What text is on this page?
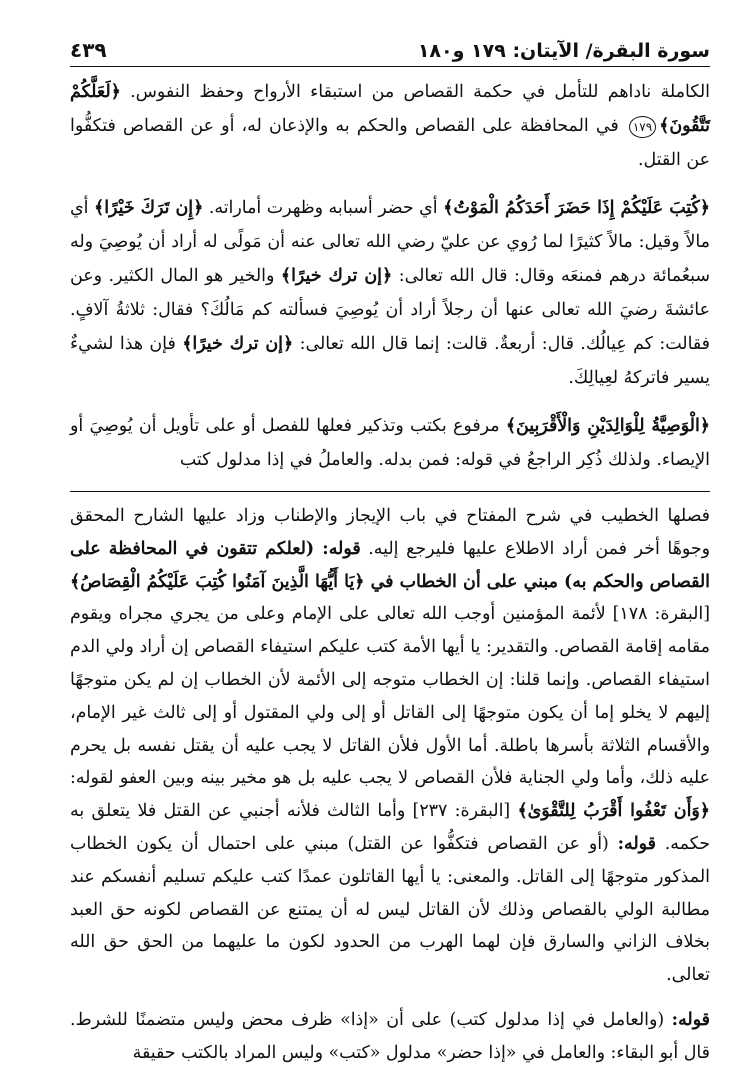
سورة البقرة/ الآيتان: ١٧٩ و١٨٠
٤٣٩

الكاملة ناداهم للتأمل في حكمة القصاص من استبقاء الأرواح وحفظ النفوس. ﴿لَعَلَّكُمْ تَتَّقُونَ﴾١٧٩ في المحافظة على القصاص والحكم به والإذعان له، أو عن القصاص فتكفُّوا عن القتل.

﴿كُتِبَ عَلَيْكُمْ إِذَا حَضَرَ أَحَدَكُمُ الْمَوْتُ﴾ أي حضر أسبابه وظهرت أماراته. ﴿إِن تَرَكَ خَيْرًا﴾ أي مالاً وقيل: مالاً كثيرًا لما رُوي عن عليّ رضي الله تعالى عنه أن مَولًى له أراد أن يُوصِيَ وله سبعُمائة درهم فمنعَه وقال: قال الله تعالى: ﴿إن ترك خيرًا﴾ والخير هو المال الكثير. وعن عائشةَ رضيَ الله تعالى عنها أن رجلاً أراد أن يُوصِيَ فسألته كم مَالُكَ؟ فقال: ثلاثةُ آلافٍ. فقالت: كم عِيالُك. قال: أربعةٌ. قالت: إنما قال الله تعالى: ﴿إن ترك خيرًا﴾ فإن هذا لشيءٌ يسير فاتركهُ لعِيالِكَ.

﴿الْوَصِيَّةُ لِلْوَالِدَيْنِ وَالْأَقْرَبِينَ﴾ مرفوع بكتب وتذكير فعلها للفصل أو على تأويل أن يُوصِيَ أو الإيصاء. ولذلك ذُكِر الراجعُ في قوله: فمن بدله. والعاملُ في إذا مدلول كتب

فصلها الخطيب في شرح المفتاح في باب الإيجاز والإطناب وزاد عليها الشارح المحقق وجوهًا أخر فمن أراد الاطلاع عليها فليرجع إليه. قوله: (لعلكم تتقون في المحافظة على القصاص والحكم به) مبني على أن الخطاب في ﴿يَا أَيُّهَا الَّذِينَ آمَنُوا كُتِبَ عَلَيْكُمُ الْقِصَاصُ﴾ [البقرة: ١٧٨] لأئمة المؤمنين أوجب الله تعالى على الإمام وعلى من يجري مجراه ويقوم مقامه إقامة القصاص. والتقدير: يا أيها الأمة كتب عليكم استيفاء القصاص إن أراد ولي الدم استيفاء القصاص. وإنما قلنا: إن الخطاب متوجه إلى الأئمة لأن الخطاب إن لم يكن متوجهًا إليهم لا يخلو إما أن يكون متوجهًا إلى القاتل أو إلى ولي المقتول أو إلى ثالث غير الإمام، والأقسام الثلاثة بأسرها باطلة. أما الأول فلأن القاتل لا يجب عليه أن يقتل نفسه بل يحرم عليه ذلك، وأما ولي الجناية فلأن القصاص لا يجب عليه بل هو مخير بينه وبين العفو لقوله: ﴿وَأَن تَعْفُوا أَقْرَبُ لِلتَّقْوَىٰ﴾ [البقرة: ٢٣٧] وأما الثالث فلأنه أجنبي عن القتل فلا يتعلق به حكمه. قوله: (أو عن القصاص فتكفُّوا عن القتل) مبني على احتمال أن يكون الخطاب المذكور متوجهًا إلى القاتل. والمعنى: يا أيها القاتلون عمدًا كتب عليكم تسليم أنفسكم عند مطالبة الولي بالقصاص وذلك لأن القاتل ليس له أن يمتنع عن القصاص لكونه حق العبد بخلاف الزاني والسارق فإن لهما الهرب من الحدود لكون ما عليهما من الحق حق الله تعالى.

قوله: (والعامل في إذا مدلول كتب) على أن «إذا» ظرف محض وليس متضمنًا للشرط. قال أبو البقاء: والعامل في «إذا حضر» مدلول «كتب» وليس المراد بالكتب حقيقة
